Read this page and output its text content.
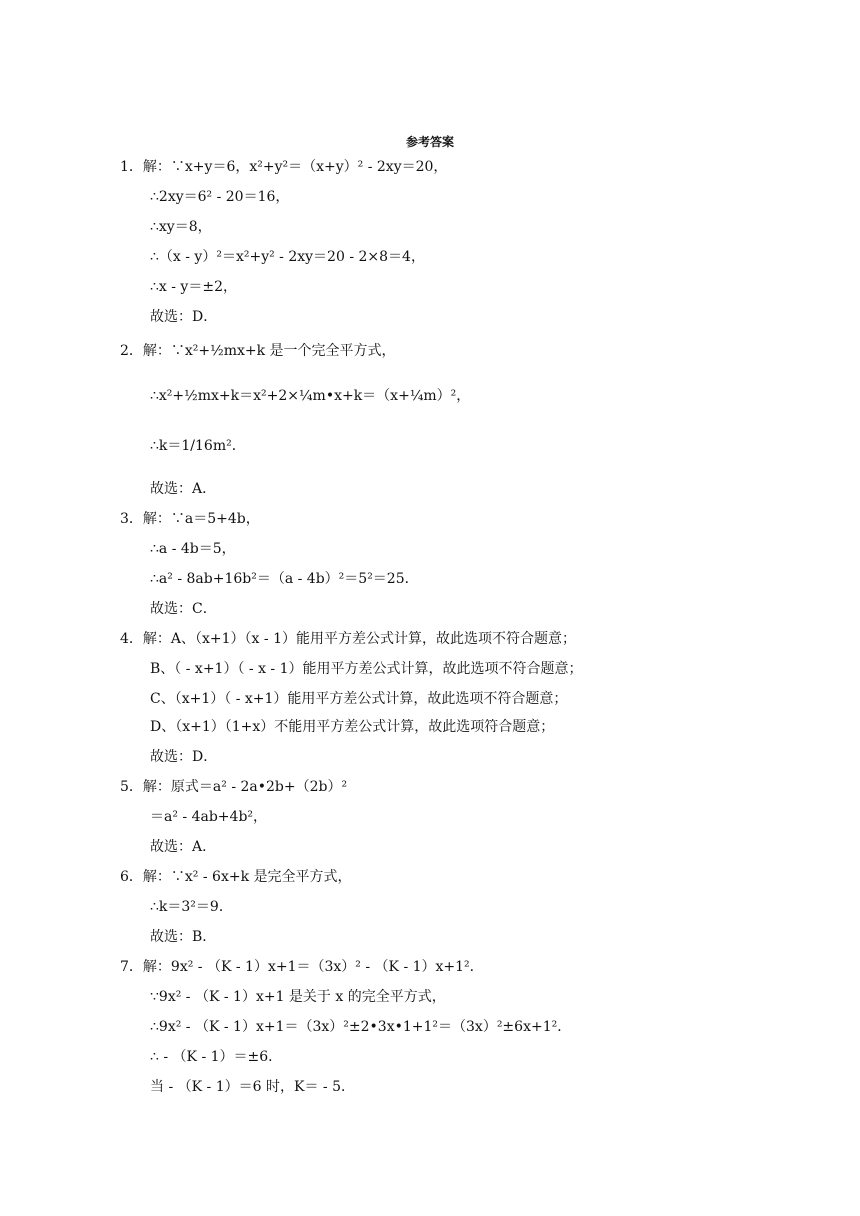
参考答案
1．解：∵x+y＝6，x²+y²＝（x+y）² - 2xy＝20，
∴2xy＝6² - 20＝16，
∴xy＝8，
∴（x - y）²＝x²+y² - 2xy＝20 - 2×8＝4，
∴x - y＝±2，
故选：D．
2．解：∵x²+½mx+k 是一个完全平方式，
∴x²+½mx+k＝x²+2×¼m•x+k＝（x+¼m）²，
∴k＝1/16m²．
故选：A．
3．解：∵a＝5+4b，
∴a - 4b＝5，
∴a² - 8ab+16b²＝（a - 4b）²＝5²＝25．
故选：C．
4．解：A、（x+1）（x - 1）能用平方差公式计算，故此选项不符合题意；
B、（ - x+1）（ - x - 1）能用平方差公式计算，故此选项不符合题意；
C、（x+1）（ - x+1）能用平方差公式计算，故此选项不符合题意；
D、（x+1）（1+x）不能用平方差公式计算，故此选项符合题意；
故选：D．
5．解：原式＝a² - 2a•2b+（2b）²
＝a² - 4ab+4b²，
故选：A．
6．解：∵x² - 6x+k 是完全平方式，
∴k＝3²＝9．
故选：B．
7．解：9x² - （K - 1）x+1＝（3x）² - （K - 1）x+1²．
∵9x² - （K - 1）x+1 是关于 x 的完全平方式，
∴9x² - （K - 1）x+1＝（3x）²±2•3x•1+1²＝（3x）²±6x+1²．
∴ - （K - 1）＝±6．
当 - （K - 1）＝6 时，K＝ - 5．
